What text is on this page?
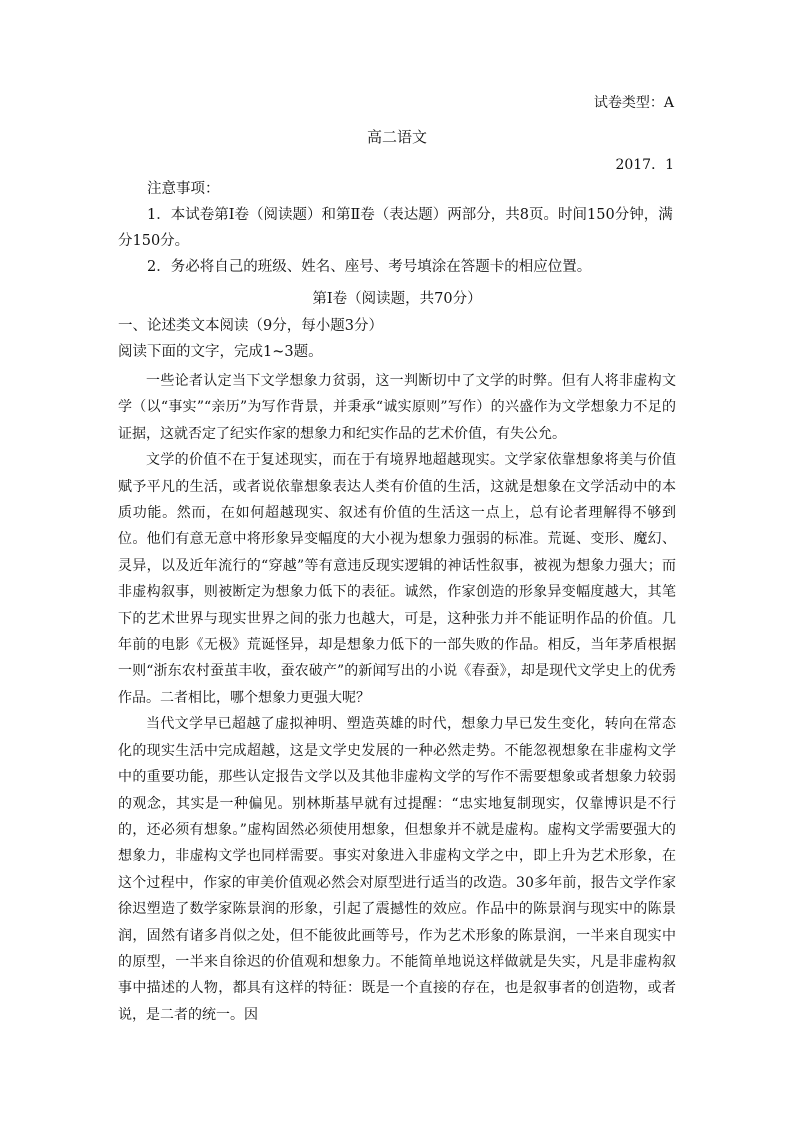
试卷类型：A
高二语文
2017．1

注意事项：

1．本试卷第Ⅰ卷（阅读题）和第Ⅱ卷（表达题）两部分，共8页。时间150分钟，满分150分。

2．务必将自己的班级、姓名、座号、考号填涂在答题卡的相应位置。

第Ⅰ卷（阅读题，共70分）
一、论述类文本阅读（9分，每小题3分）
阅读下面的文字，完成1~3题。

一些论者认定当下文学想象力贫弱，这一判断切中了文学的时弊。但有人将非虚构文学（以“事实”“亲历”为写作背景，并秉承“诚实原则”写作）的兴盛作为文学想象力不足的证据，这就否定了纪实作家的想象力和纪实作品的艺术价值，有失公允。

文学的价值不在于复述现实，而在于有境界地超越现实。文学家依靠想象将美与价值赋予平凡的生活，或者说依靠想象表达人类有价值的生活，这就是想象在文学活动中的本质功能。然而，在如何超越现实、叙述有价值的生活这一点上，总有论者理解得不够到位。他们有意无意中将形象异变幅度的大小视为想象力强弱的标准。荒诞、变形、魔幻、灵异，以及近年流行的“穿越”等有意违反现实逻辑的神话性叙事，被视为想象力强大；而非虚构叙事，则被断定为想象力低下的表征。诚然，作家创造的形象异变幅度越大，其笔下的艺术世界与现实世界之间的张力也越大，可是，这种张力并不能证明作品的价值。几年前的电影《无极》荒诞怪异，却是想象力低下的一部失败的作品。相反，当年茅盾根据一则“浙东农村蚕茧丰收，蚕农破产”的新闻写出的小说《春蚕》，却是现代文学史上的优秀作品。二者相比，哪个想象力更强大呢？

当代文学早已超越了虚拟神明、塑造英雄的时代，想象力早已发生变化，转向在常态化的现实生活中完成超越，这是文学史发展的一种必然走势。不能忽视想象在非虚构文学中的重要功能，那些认定报告文学以及其他非虚构文学的写作不需要想象或者想象力较弱的观念，其实是一种偏见。别林斯基早就有过提醒：“忠实地复制现实，仅靠博识是不行的，还必须有想象。”虚构固然必须使用想象，但想象并不就是虚构。虚构文学需要强大的想象力，非虚构文学也同样需要。事实对象进入非虚构文学之中，即上升为艺术形象，在这个过程中，作家的审美价值观必然会对原型进行适当的改造。30多年前，报告文学作家徐迟塑造了数学家陈景润的形象，引起了震撼性的效应。作品中的陈景润与现实中的陈景润，固然有诸多肖似之处，但不能彼此画等号，作为艺术形象的陈景润，一半来自现实中的原型，一半来自徐迟的价值观和想象力。不能简单地说这样做就是失实，凡是非虚构叙事中描述的人物，都具有这样的特征：既是一个直接的存在，也是叙事者的创造物，或者说，是二者的统一。因
